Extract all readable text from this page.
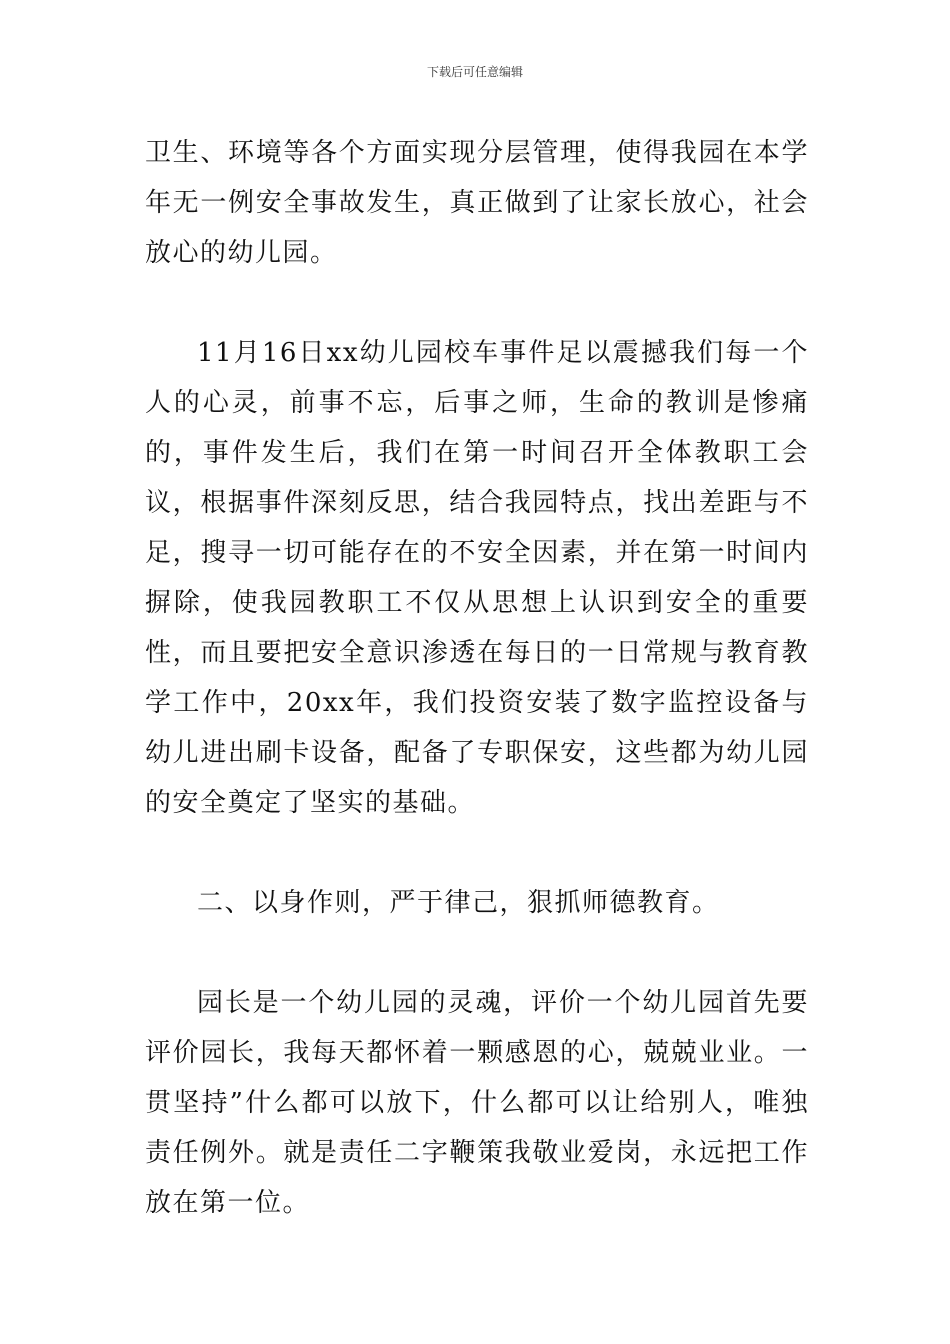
下载后可任意编辑

卫生、环境等各个方面实现分层管理，使得我园在本学年无一例安全事故发生，真正做到了让家长放心，社会放心的幼儿园。

11月16日xx幼儿园校车事件足以震撼我们每一个人的心灵，前事不忘，后事之师，生命的教训是惨痛的，事件发生后，我们在第一时间召开全体教职工会议，根据事件深刻反思，结合我园特点，找出差距与不足，搜寻一切可能存在的不安全因素，并在第一时间内摒除，使我园教职工不仅从思想上认识到安全的重要性，而且要把安全意识渗透在每日的一日常规与教育教学工作中，20xx年，我们投资安装了数字监控设备与幼儿进出刷卡设备，配备了专职保安，这些都为幼儿园的安全奠定了坚实的基础。

二、以身作则，严于律己，狠抓师德教育。

园长是一个幼儿园的灵魂，评价一个幼儿园首先要评价园长，我每天都怀着一颗感恩的心，兢兢业业。一贯坚持”什么都可以放下，什么都可以让给别人，唯独责任例外。就是责任二字鞭策我敬业爱岗，永远把工作放在第一位。
